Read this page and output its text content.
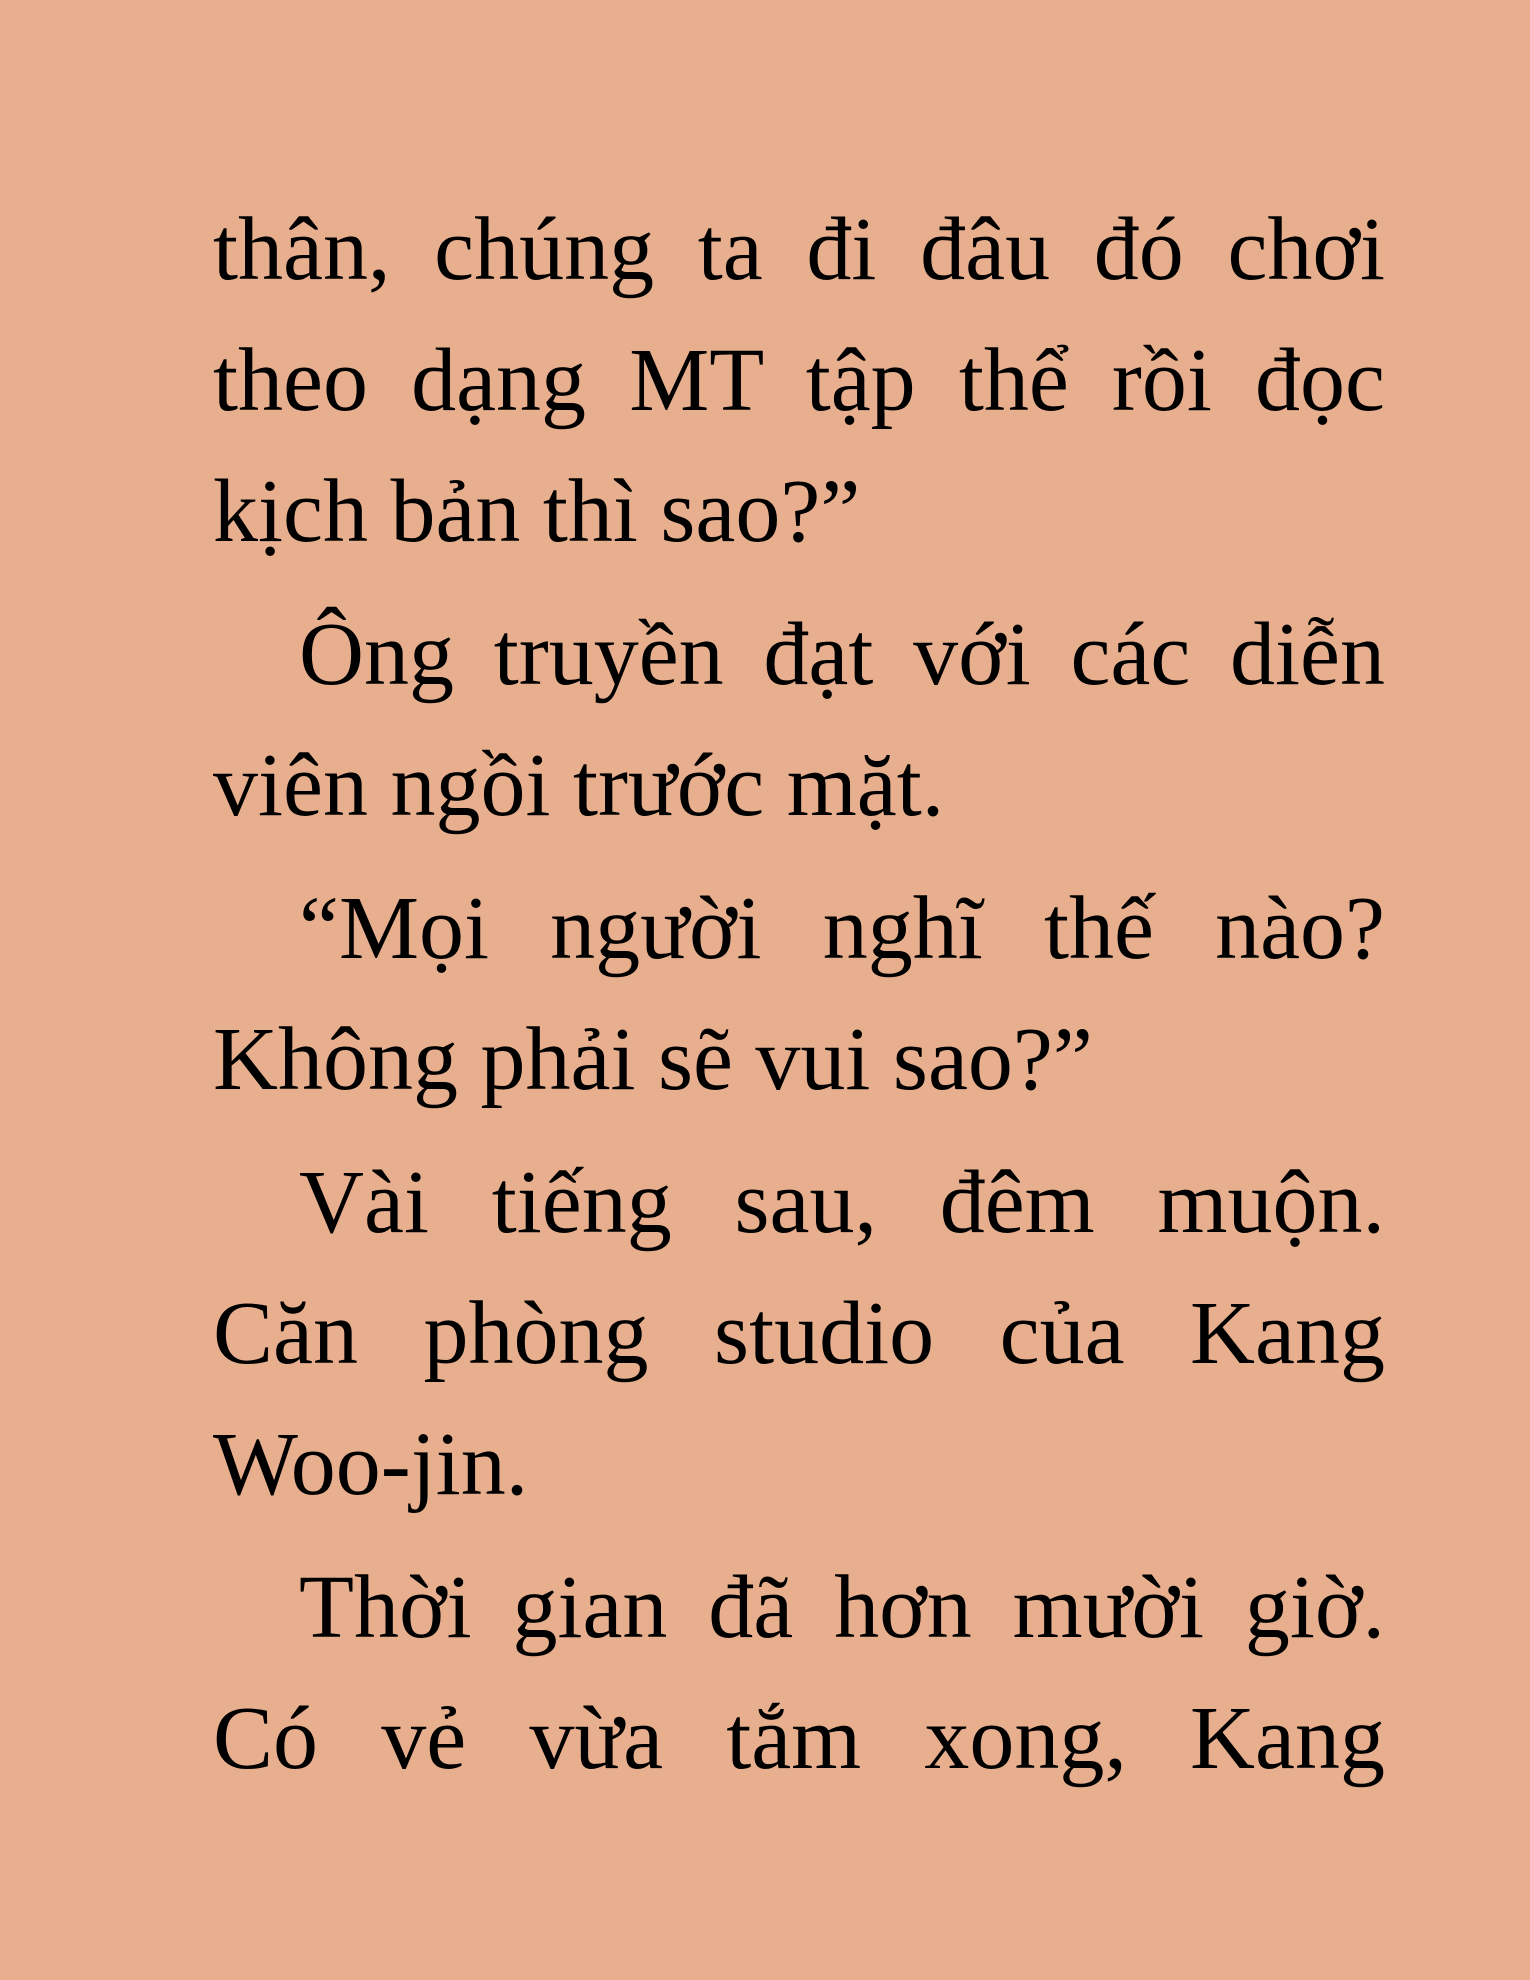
thân, chúng ta đi đâu đó chơi
theo dạng MT tập thể rồi đọc
kịch bản thì sao?”
Ông truyền đạt với các diễn
viên ngồi trước mặt.
“Mọi người nghĩ thế nào?
Không phải sẽ vui sao?”
Vài tiếng sau, đêm muộn.
Căn phòng studio của Kang
Woo-jin.
Thời gian đã hơn mười giờ.
Có vẻ vừa tắm xong, Kang
